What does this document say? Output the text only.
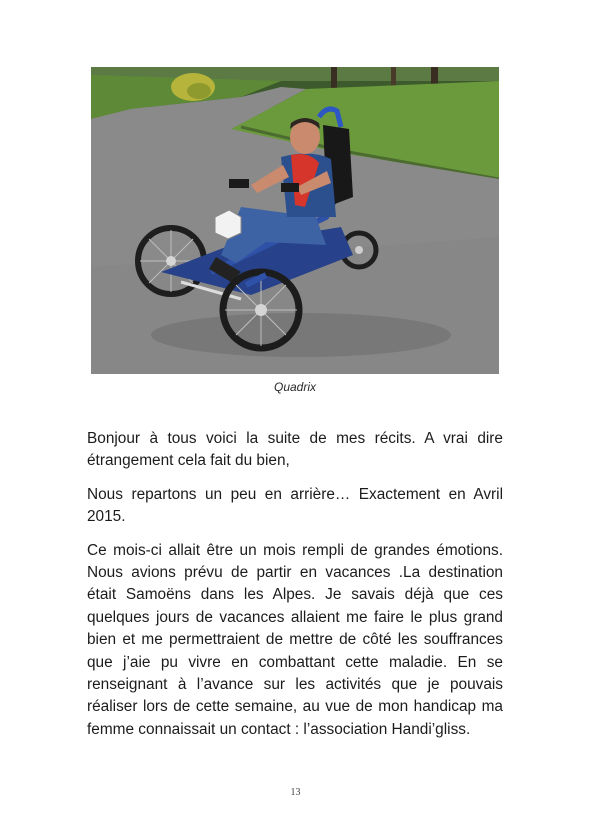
Quadrix

Bonjour à tous voici la suite de mes récits. A vrai dire étrangement cela fait du bien,

Nous repartons un peu en arrière… Exactement en Avril 2015.

Ce mois-ci allait être un mois rempli de grandes émotions. Nous avions prévu de partir en vacances .La destination était Samoëns dans les Alpes. Je savais déjà que ces quelques jours de vacances allaient me faire le plus grand bien et me permettraient de mettre de côté les souffrances que j’aie pu vivre en combattant cette maladie. En se renseignant à l’avance sur les activités que je pouvais réaliser lors de cette semaine, au vue de mon handicap ma femme connaissait un contact : l’association Handi’gliss.

13
